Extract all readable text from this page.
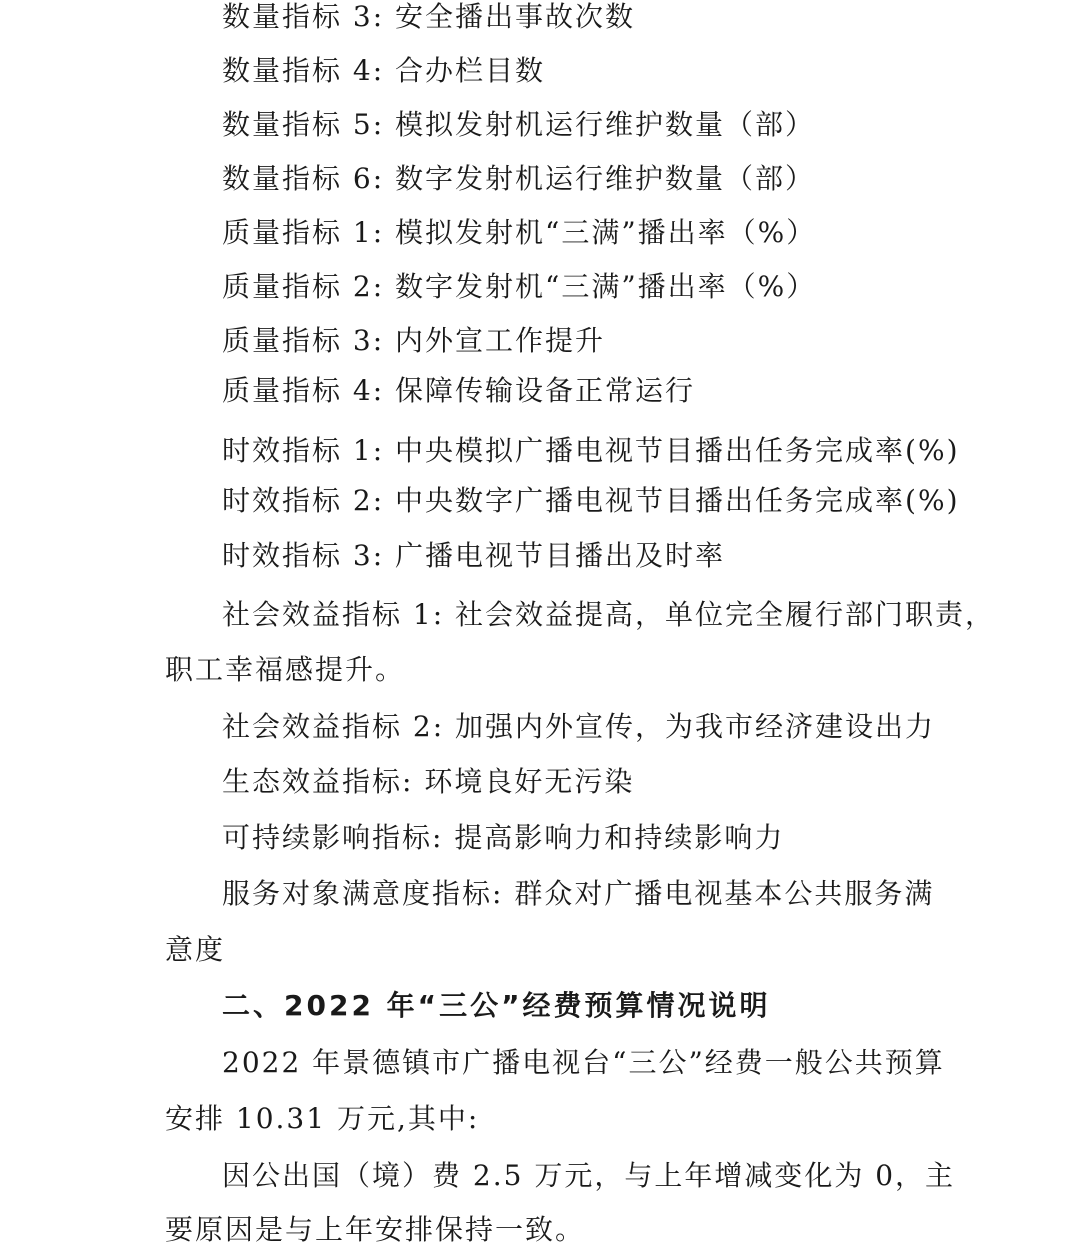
数量指标 3: 安全播出事故次数
数量指标 4: 合办栏目数
数量指标 5: 模拟发射机运行维护数量（部）
数量指标 6: 数字发射机运行维护数量（部）
质量指标 1: 模拟发射机“三满”播出率（%）
质量指标 2: 数字发射机“三满”播出率（%）
质量指标 3: 内外宣工作提升
质量指标 4: 保障传输设备正常运行
时效指标 1: 中央模拟广播电视节目播出任务完成率(%)
时效指标 2: 中央数字广播电视节目播出任务完成率(%)
时效指标 3: 广播电视节目播出及时率
社会效益指标 1: 社会效益提高，单位完全履行部门职责，
职工幸福感提升。
社会效益指标 2: 加强内外宣传，为我市经济建设出力
生态效益指标: 环境良好无污染
可持续影响指标: 提高影响力和持续影响力
服务对象满意度指标: 群众对广播电视基本公共服务满
意度
二、2022 年“三公”经费预算情况说明
2022 年景德镇市广播电视台“三公”经费一般公共预算
安排 10.31 万元,其中:
因公出国（境）费 2.5 万元，与上年增减变化为 0，主
要原因是与上年安排保持一致。
